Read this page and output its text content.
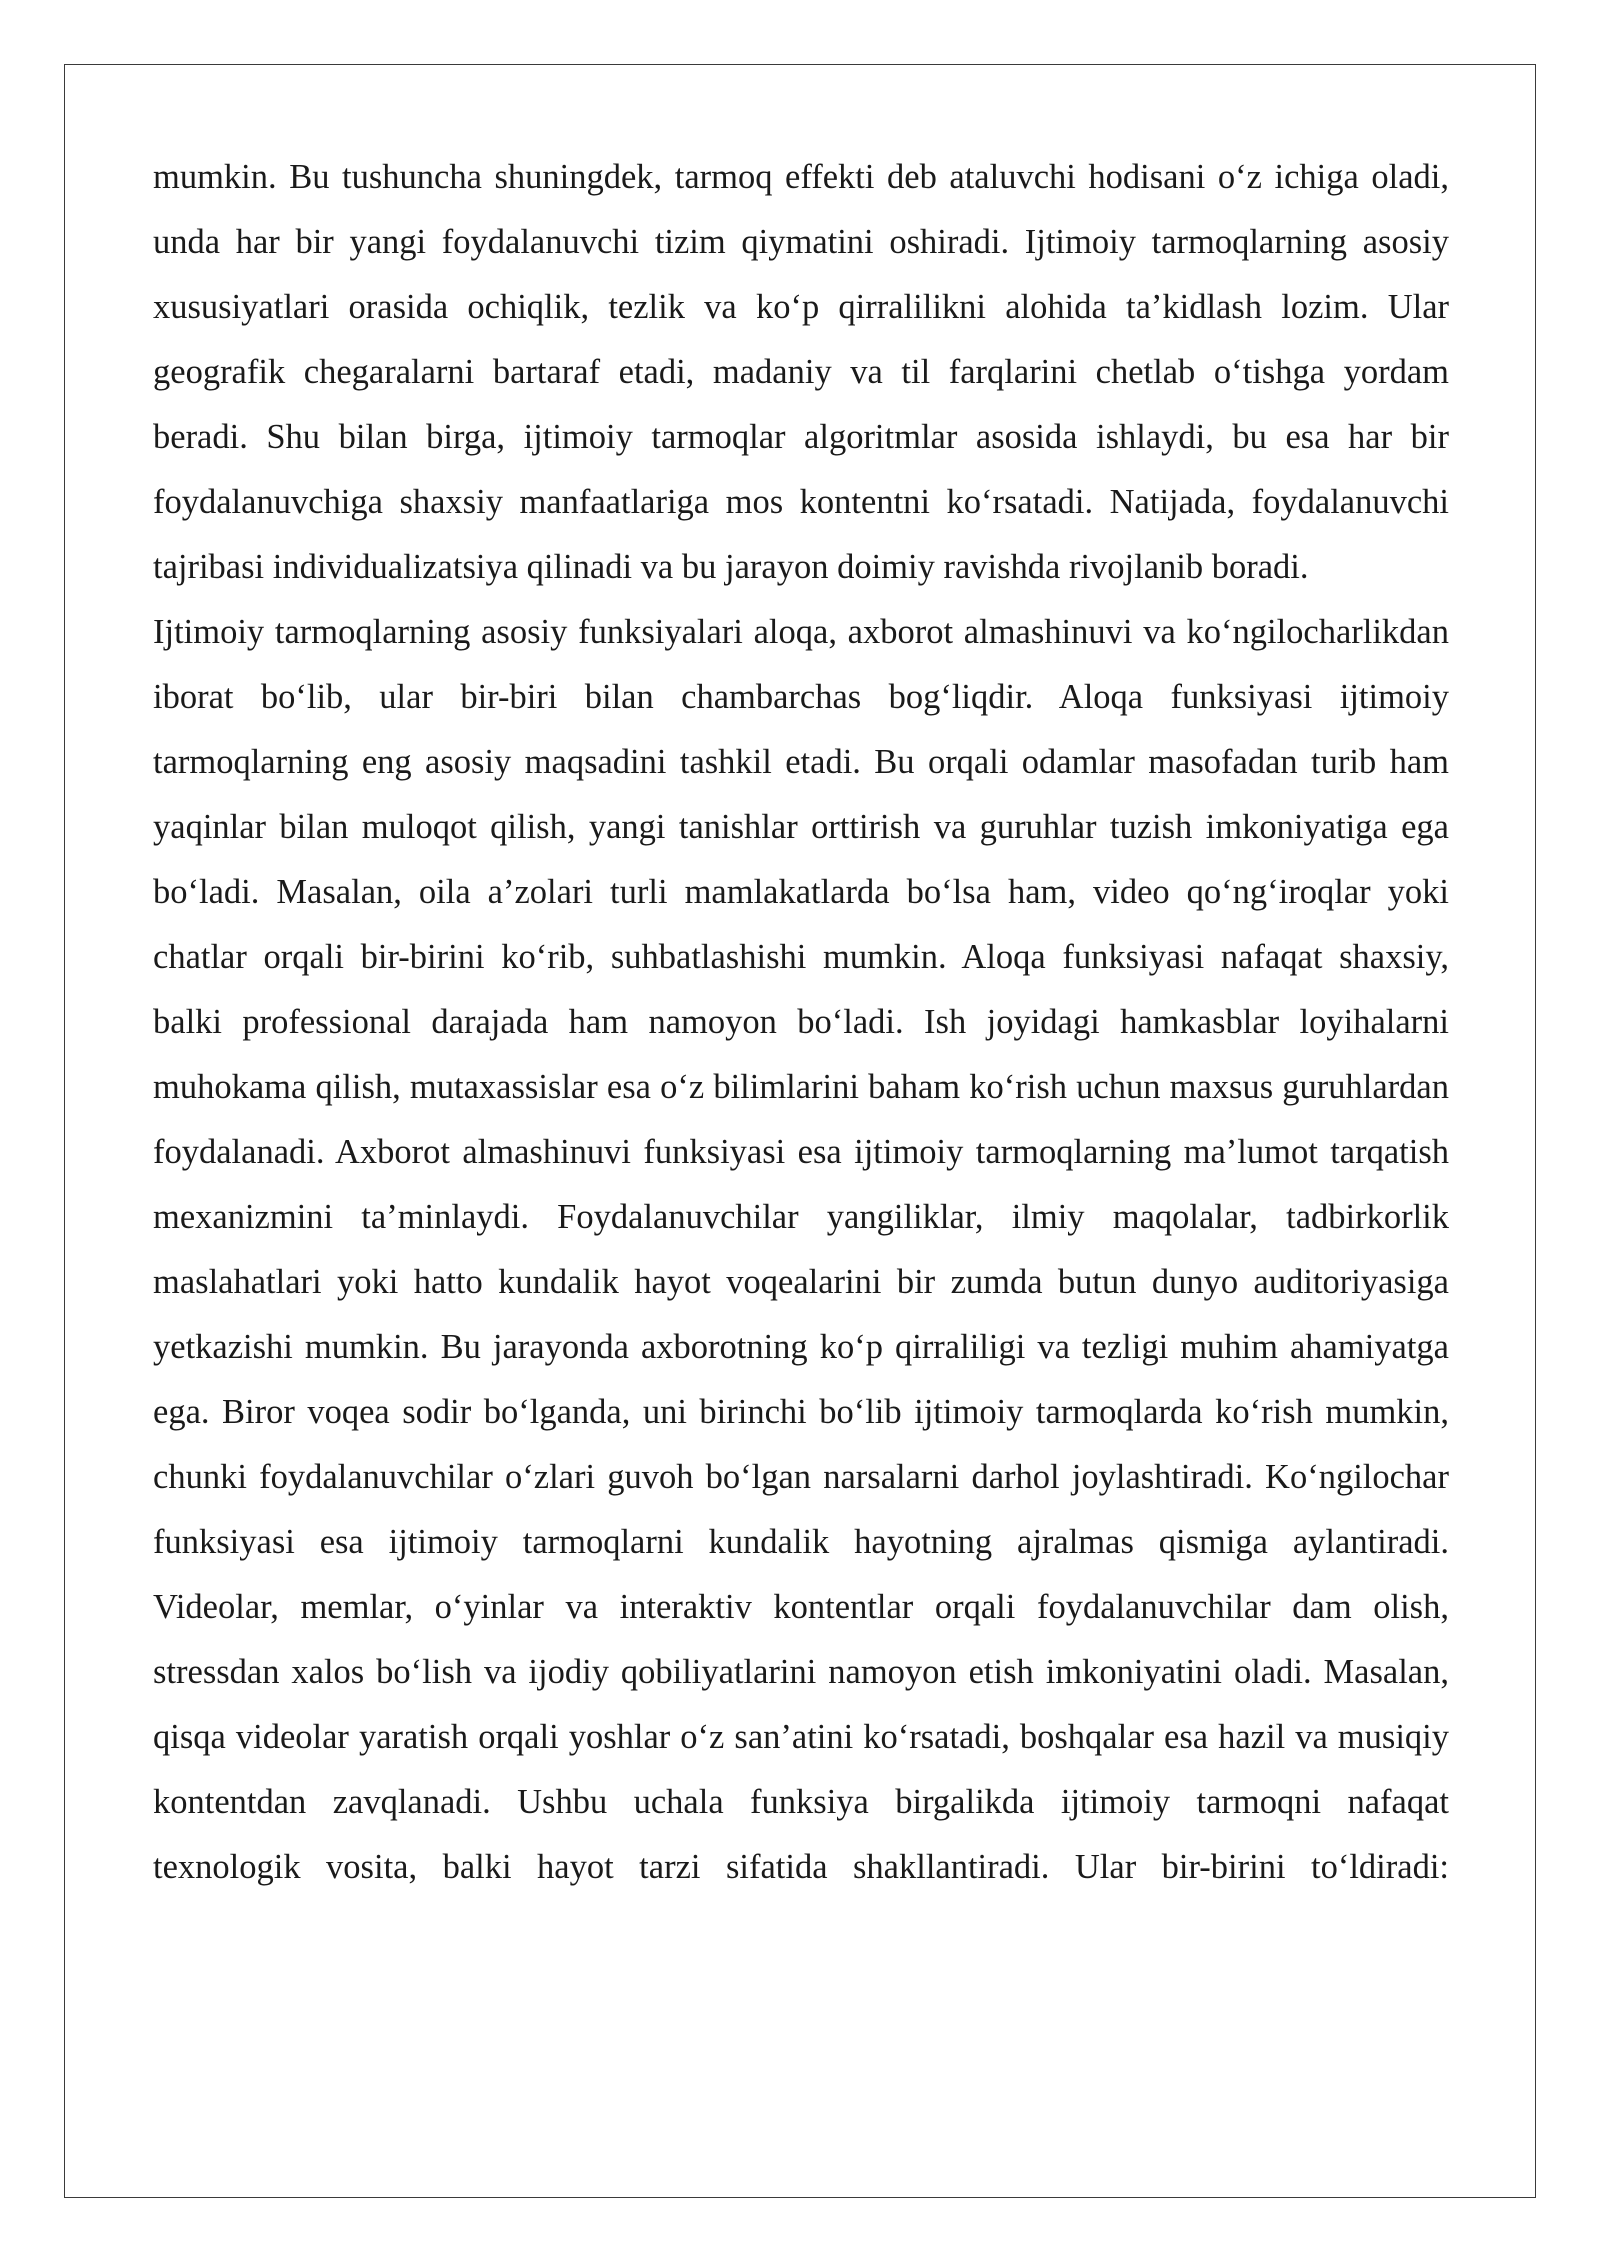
mumkin. Bu tushuncha shuningdek, tarmoq effekti deb ataluvchi hodisani o‘z ichiga oladi, unda har bir yangi foydalanuvchi tizim qiymatini oshiradi. Ijtimoiy tarmoqlarning asosiy xususiyatlari orasida ochiqlik, tezlik va ko‘p qirralilikni alohida ta’kidlash lozim. Ular geografik chegaralarni bartaraf etadi, madaniy va til farqlarini chetlab o‘tishga yordam beradi. Shu bilan birga, ijtimoiy tarmoqlar algoritmlar asosida ishlaydi, bu esa har bir foydalanuvchiga shaxsiy manfaatlariga mos kontentni ko‘rsatadi. Natijada, foydalanuvchi tajribasi individualizatsiya qilinadi va bu jarayon doimiy ravishda rivojlanib boradi.

Ijtimoiy tarmoqlarning asosiy funksiyalari aloqa, axborot almashinuvi va ko‘ngilocharlikdan iborat bo‘lib, ular bir-biri bilan chambarchas bog‘liqdir. Aloqa funksiyasi ijtimoiy tarmoqlarning eng asosiy maqsadini tashkil etadi. Bu orqali odamlar masofadan turib ham yaqinlar bilan muloqot qilish, yangi tanishlar orttirish va guruhlar tuzish imkoniyatiga ega bo‘ladi. Masalan, oila a’zolari turli mamlakatlarda bo‘lsa ham, video qo‘ng‘iroqlar yoki chatlar orqali bir-birini ko‘rib, suhbatlashishi mumkin. Aloqa funksiyasi nafaqat shaxsiy, balki professional darajada ham namoyon bo‘ladi. Ish joyidagi hamkasblar loyihalarni muhokama qilish, mutaxassislar esa o‘z bilimlarini baham ko‘rish uchun maxsus guruhlardan foydalanadi. Axborot almashinuvi funksiyasi esa ijtimoiy tarmoqlarning ma’lumot tarqatish mexanizmini ta’minlaydi. Foydalanuvchilar yangiliklar, ilmiy maqolalar, tadbirkorlik maslahatlari yoki hatto kundalik hayot voqealarini bir zumda butun dunyo auditoriyasiga yetkazishi mumkin. Bu jarayonda axborotning ko‘p qirraliligi va tezligi muhim ahamiyatga ega. Biror voqea sodir bo‘lganda, uni birinchi bo‘lib ijtimoiy tarmoqlarda ko‘rish mumkin, chunki foydalanuvchilar o‘zlari guvoh bo‘lgan narsalarni darhol joylashtiradi. Ko‘ngilochar funksiyasi esa ijtimoiy tarmoqlarni kundalik hayotning ajralmas qismiga aylantiradi. Videolar, memlar, o‘yinlar va interaktiv kontentlar orqali foydalanuvchilar dam olish, stressdan xalos bo‘lish va ijodiy qobiliyatlarini namoyon etish imkoniyatini oladi. Masalan, qisqa videolar yaratish orqali yoshlar o‘z san’atini ko‘rsatadi, boshqalar esa hazil va musiqiy kontentdan zavqlanadi. Ushbu uchala funksiya birgalikda ijtimoiy tarmoqni nafaqat texnologik vosita, balki hayot tarzi sifatida shakllantiradi. Ular bir-birini to‘ldiradi:
